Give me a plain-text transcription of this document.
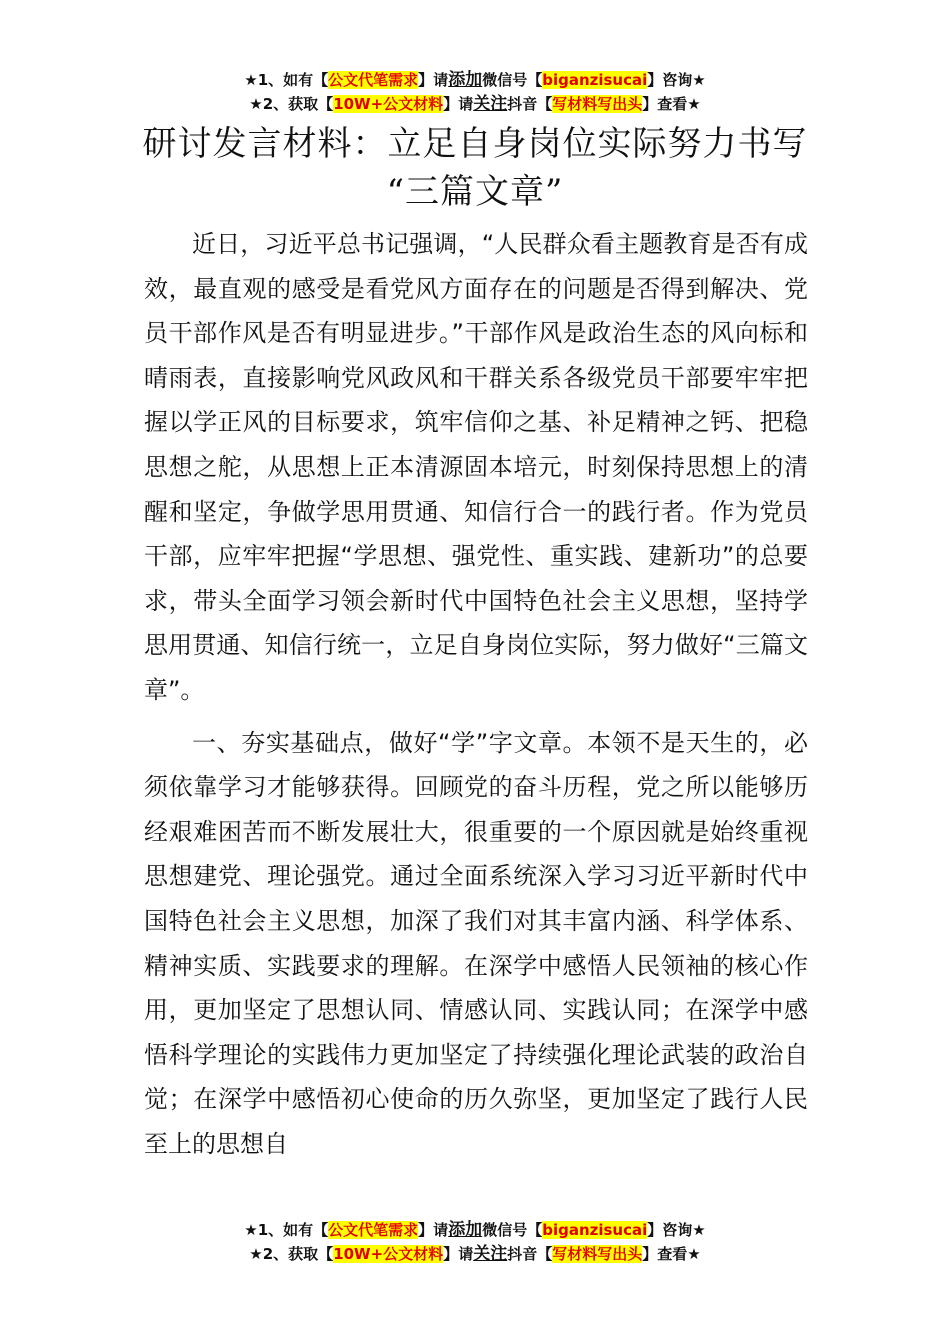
★1、如有【公文代笔需求】请添加微信号【biganzisucai】咨询★
★2、获取【10W+公文材料】请关注抖音【写材料写出头】查看★
研讨发言材料：立足自身岗位实际努力书写
“三篇文章”

近日，习近平总书记强调，“人民群众看主题教育是否有成效，最直观的感受是看党风方面存在的问题是否得到解决、党员干部作风是否有明显进步。”干部作风是政治生态的风向标和晴雨表，直接影响党风政风和干群关系各级党员干部要牢牢把握以学正风的目标要求，筑牢信仰之基、补足精神之钙、把稳思想之舵，从思想上正本清源固本培元，时刻保持思想上的清醒和坚定，争做学思用贯通、知信行合一的践行者。作为党员干部，应牢牢把握“学思想、强党性、重实践、建新功”的总要求，带头全面学习领会新时代中国特色社会主义思想，坚持学思用贯通、知信行统一，立足自身岗位实际，努力做好“三篇文章”。

一、夯实基础点，做好“学”字文章。本领不是天生的，必须依靠学习才能够获得。回顾党的奋斗历程，党之所以能够历经艰难困苦而不断发展壮大，很重要的一个原因就是始终重视思想建党、理论强党。通过全面系统深入学习习近平新时代中国特色社会主义思想，加深了我们对其丰富内涵、科学体系、精神实质、实践要求的理解。在深学中感悟人民领袖的核心作用，更加坚定了思想认同、情感认同、实践认同；在深学中感悟科学理论的实践伟力更加坚定了持续强化理论武装的政治自觉；在深学中感悟初心使命的历久弥坚，更加坚定了践行人民至上的思想自

★1、如有【公文代笔需求】请添加微信号【biganzisucai】咨询★
★2、获取【10W+公文材料】请关注抖音【写材料写出头】查看★
